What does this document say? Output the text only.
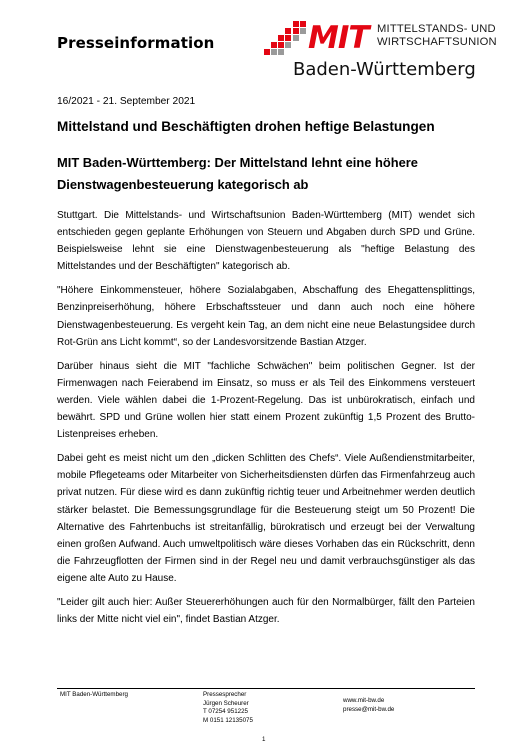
Presseinformation	MIT MITTELSTANDS- UND
WIRTSCHAFTSUNION
Baden-Württemberg
16/2021 - 21. September 2021
Mittelstand und Beschäftigten drohen heftige Belastungen
MIT Baden-Württemberg: Der Mittelstand lehnt eine höhere Dienstwagenbesteuerung kategorisch ab

Stuttgart. Die Mittelstands- und Wirtschaftsunion Baden-Württemberg (MIT) wendet sich entschieden gegen geplante Erhöhungen von Steuern und Abgaben durch SPD und Grüne. Beispielsweise lehnt sie eine Dienstwagenbesteuerung als "heftige Belastung des Mittelstandes und der Beschäftigten" kategorisch ab.

"Höhere Einkommensteuer, höhere Sozialabgaben, Abschaffung des Ehegattensplittings, Benzinpreiserhöhung, höhere Erbschaftssteuer und dann auch noch eine höhere Dienstwagenbesteuerung. Es vergeht kein Tag, an dem nicht eine neue Belastungsidee durch Rot-Grün ans Licht kommt“, so der Landesvorsitzende Bastian Atzger.

Darüber hinaus sieht die MIT "fachliche Schwächen" beim politischen Gegner. Ist der Firmenwagen nach Feierabend im Einsatz, so muss er als Teil des Einkommens versteuert werden. Viele wählen dabei die 1-Prozent-Regelung. Das ist unbürokratisch, einfach und bewährt. SPD und Grüne wollen hier statt einem Prozent zukünftig 1,5 Prozent des Brutto-Listenpreises erheben.

Dabei geht es meist nicht um den „dicken Schlitten des Chefs“. Viele Außendienstmitarbeiter, mobile Pflegeteams oder Mitarbeiter von Sicherheitsdiensten dürfen das Firmenfahrzeug auch privat nutzen. Für diese wird es dann zukünftig richtig teuer und Arbeitnehmer werden deutlich stärker belastet. Die Bemessungsgrundlage für die Besteuerung steigt um 50 Prozent! Die Alternative des Fahrtenbuchs ist streitanfällig, bürokratisch und erzeugt bei der Verwaltung einen großen Aufwand. Auch umweltpolitisch wäre dieses Vorhaben das ein Rückschritt, denn die Fahrzeugflotten der Firmen sind in der Regel neu und damit verbrauchsgünstiger als das eigene alte Auto zu Hause.

"Leider gilt auch hier: Außer Steuererhöhungen auch für den Normalbürger, fällt den Parteien links der Mitte nicht viel ein", findet Bastian Atzger.

MIT Baden-Württemberg	Pressesprecher
Jürgen Scheurer
T 07254 951225
M 0151 12135075
www.mit-bw.de
presse@mit-bw.de
1
